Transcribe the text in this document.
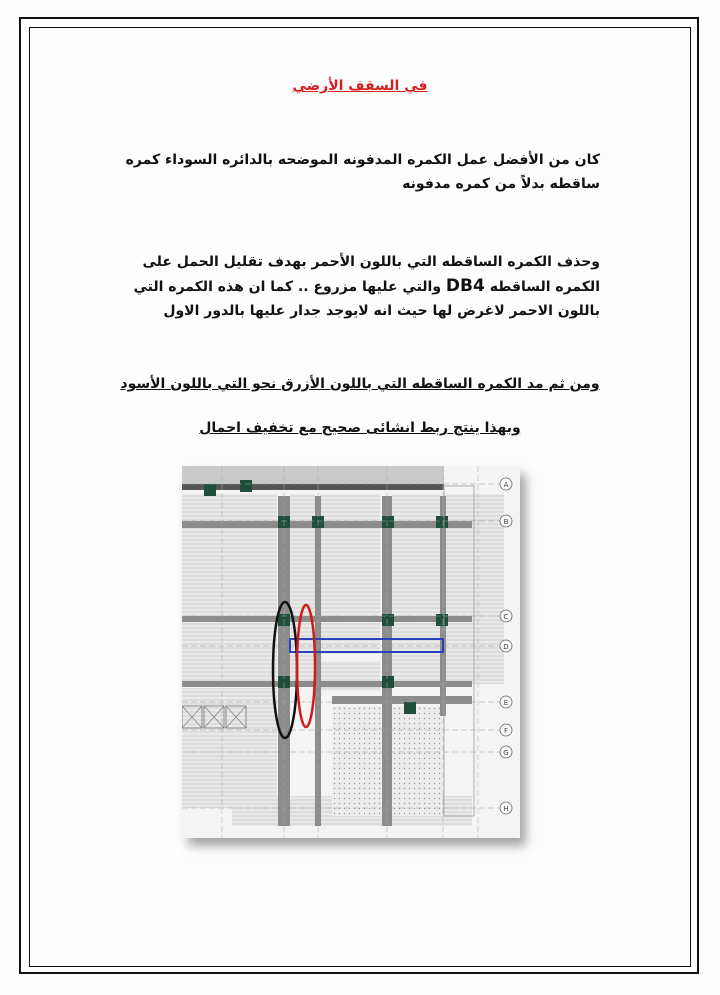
في السقف الأرضي
كان من الأفضل عمل الكمره المدفونه الموضحه بالدائره السوداء كمره ساقطه بدلاً من كمره مدفونه
وحذف الكمره الساقطه التي باللون الأحمر بهدف تقليل الحمل على الكمره الساقطه DB4 والتي عليها مزروع .. كما ان هذه الكمره التي باللون الاحمر لاغرض لها حيث انه لايوجد جدار عليها بالدور الاول
ومن ثم مد الكمره الساقطه التي باللون الأزرق نحو التي باللون الأسود
وبهذا ينتج ربط انشائى صحيح مع تخفيف احمال
A
B
C
D
E
F
G
H
